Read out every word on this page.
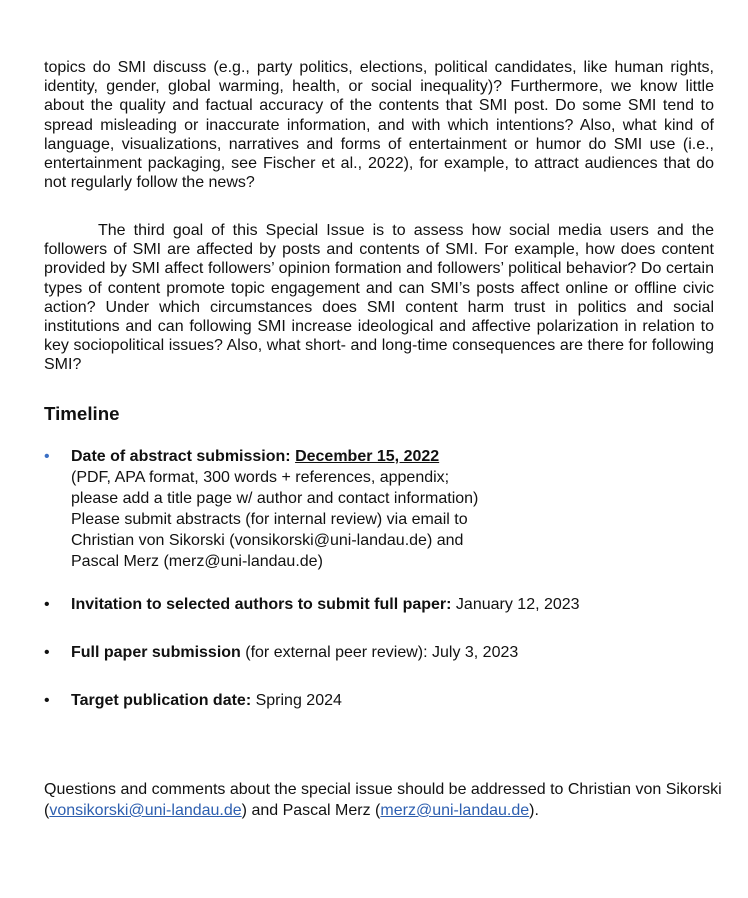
topics do SMI discuss (e.g., party politics, elections, political candidates, like human rights, identity, gender, global warming, health, or social inequality)? Furthermore, we know little about the quality and factual accuracy of the contents that SMI post. Do some SMI tend to spread misleading or inaccurate information, and with which intentions? Also, what kind of language, visualizations, narratives and forms of entertainment or humor do SMI use (i.e., entertainment packaging, see Fischer et al., 2022), for example, to attract audiences that do not regularly follow the news?

The third goal of this Special Issue is to assess how social media users and the followers of SMI are affected by posts and contents of SMI. For example, how does content provided by SMI affect followers’ opinion formation and followers’ political behavior? Do certain types of content promote topic engagement and can SMI’s posts affect online or offline civic action? Under which circumstances does SMI content harm trust in politics and social institutions and can following SMI increase ideological and affective polarization in relation to key sociopolitical issues? Also, what short- and long-time consequences are there for following SMI?

Timeline
• Date of abstract submission: December 15, 2022
(PDF, APA format, 300 words + references, appendix;
please add a title page w/ author and contact information)
Please submit abstracts (for internal review) via email to
Christian von Sikorski (vonsikorski@uni-landau.de) and
Pascal Merz (merz@uni-landau.de)
• Invitation to selected authors to submit full paper: January 12, 2023
• Full paper submission (for external peer review): July 3, 2023
• Target publication date: Spring 2024

Questions and comments about the special issue should be addressed to Christian von Sikorski (vonsikorski@uni-landau.de) and Pascal Merz (merz@uni-landau.de).
